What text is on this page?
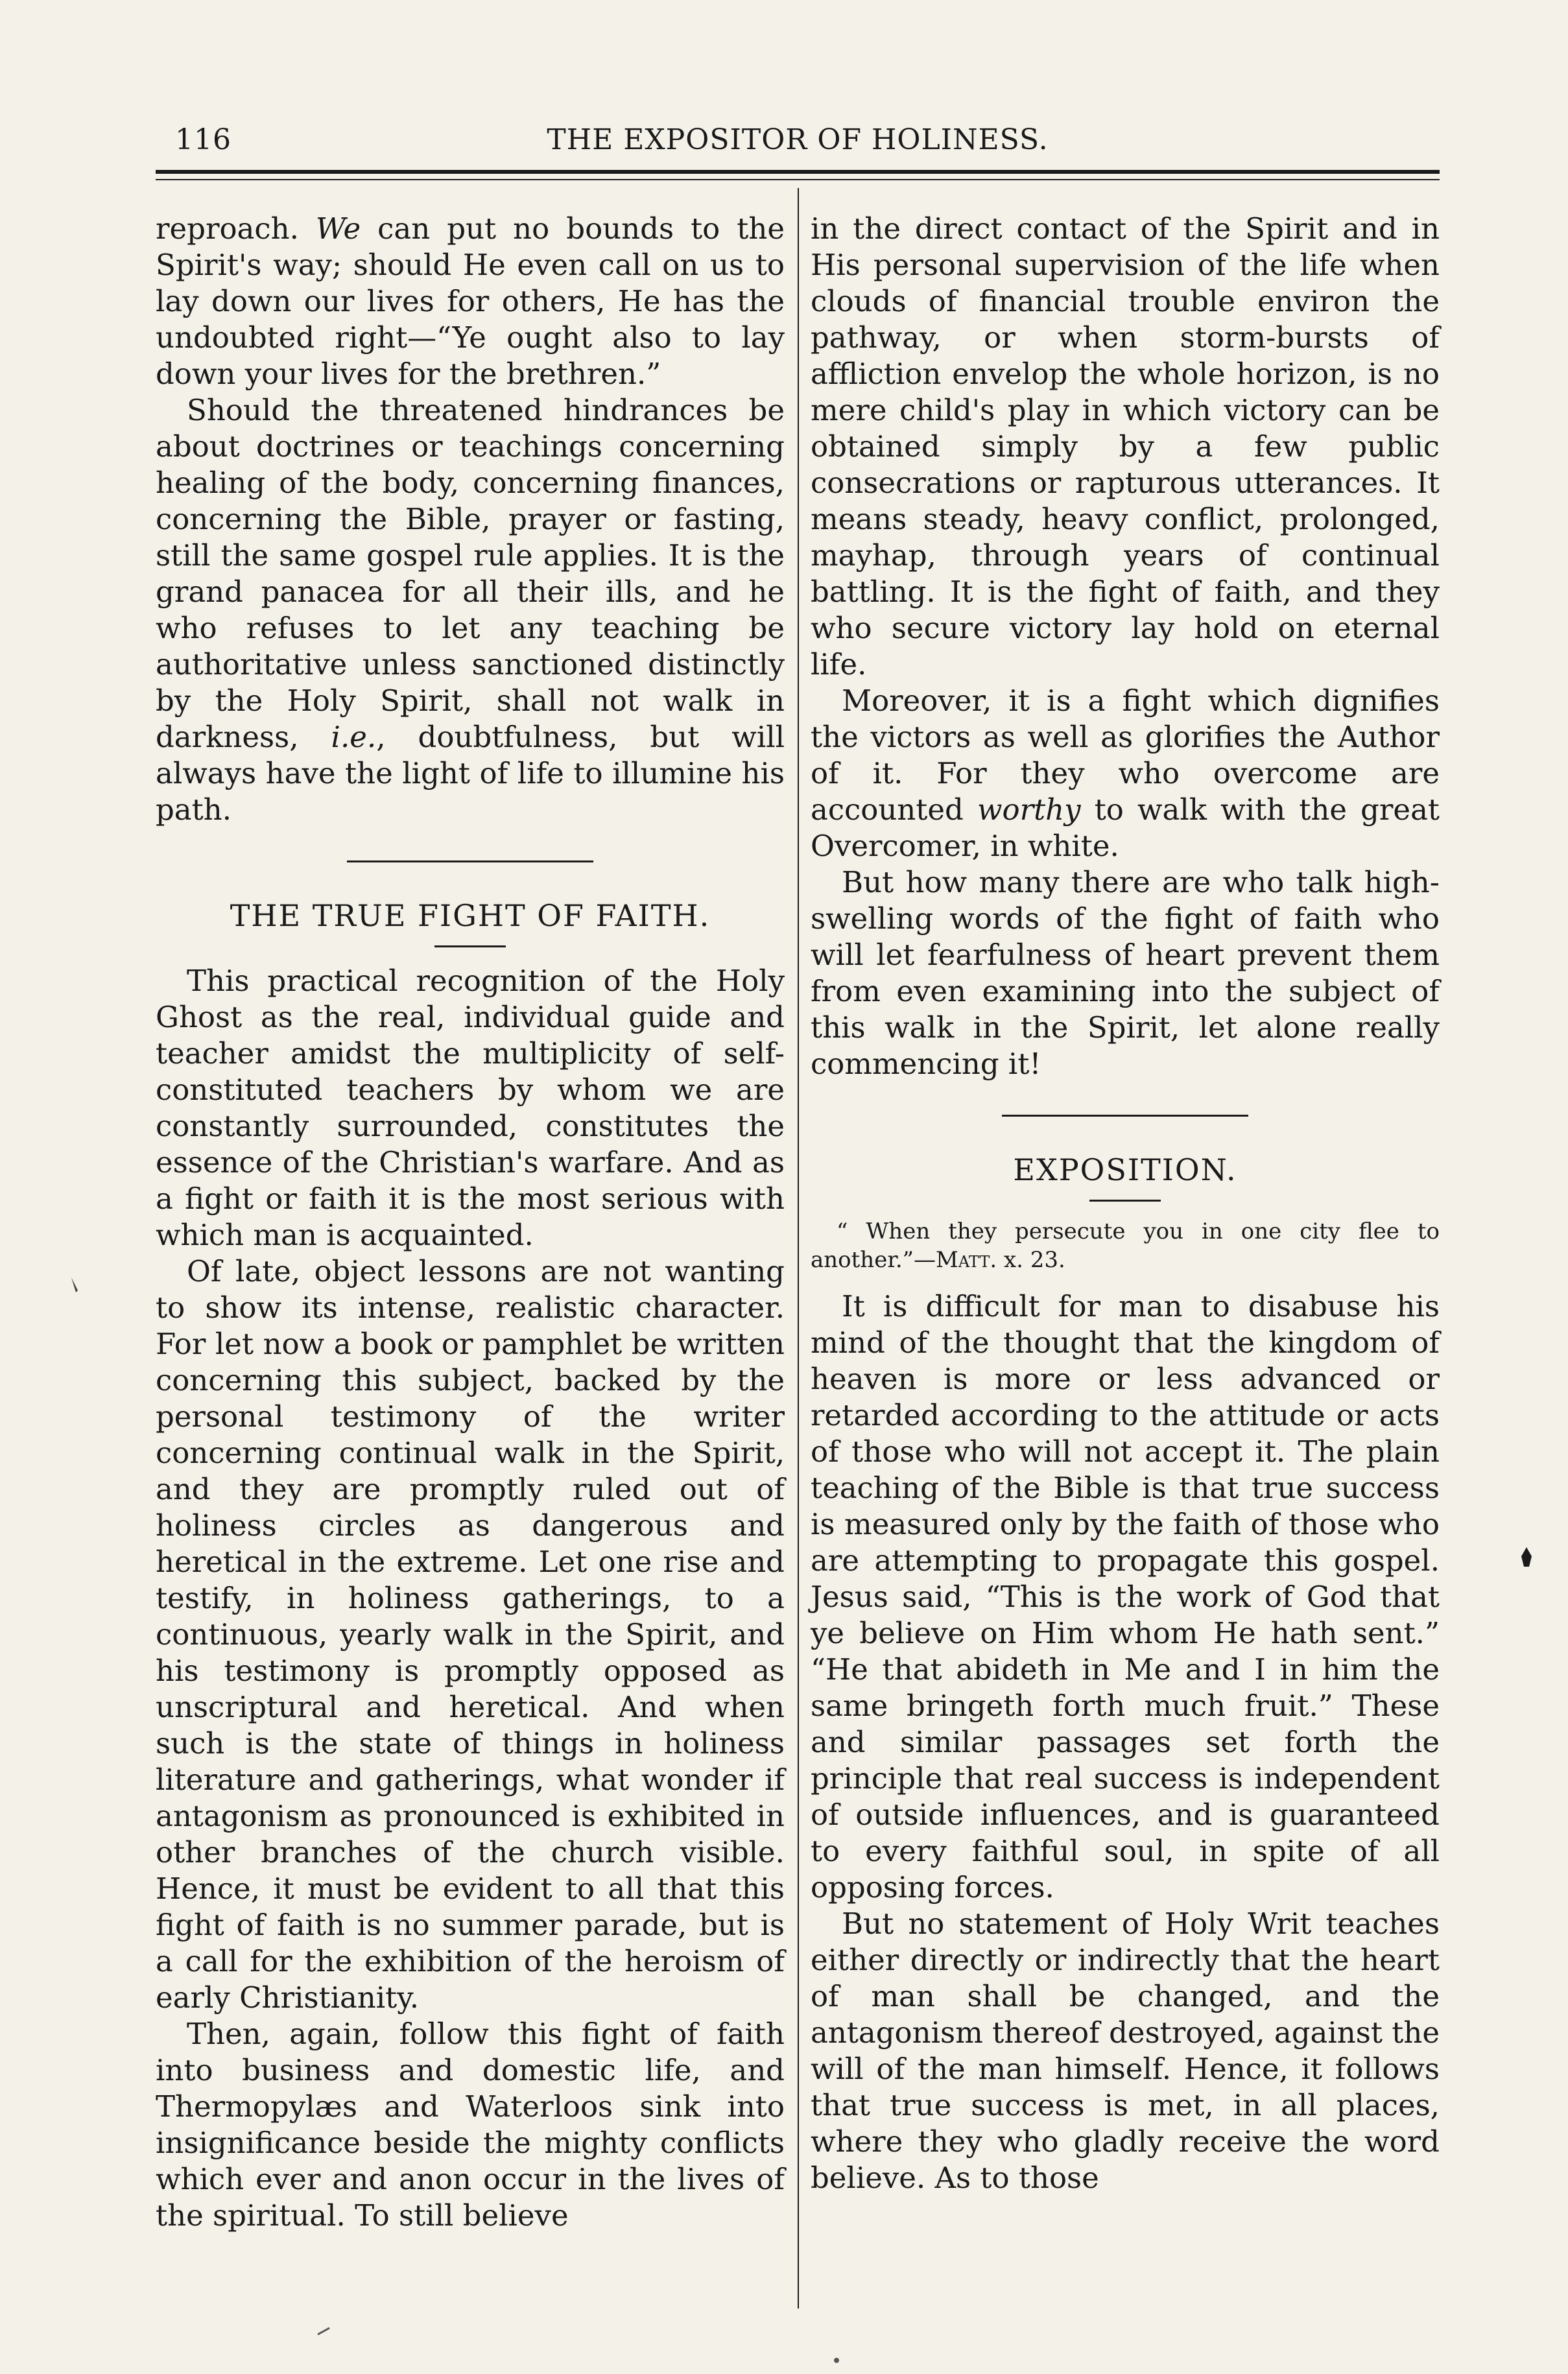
116	THE EXPOSITOR OF HOLINESS.

reproach. We can put no bounds to the Spirit's way; should He even call on us to lay down our lives for others, He has the undoubted right—“Ye ought also to lay down your lives for the brethren.”

Should the threatened hindrances be about doctrines or teachings concerning healing of the body, concerning finances, concerning the Bible, prayer or fasting, still the same gospel rule applies. It is the grand panacea for all their ills, and he who refuses to let any teaching be authoritative unless sanctioned distinctly by the Holy Spirit, shall not walk in darkness, i.e., doubtfulness, but will always have the light of life to illumine his path.

THE TRUE FIGHT OF FAITH.

This practical recognition of the Holy Ghost as the real, individual guide and teacher amidst the multiplicity of self-constituted teachers by whom we are constantly surrounded, constitutes the essence of the Christian's warfare. And as a fight or faith it is the most serious with which man is acquainted.

Of late, object lessons are not wanting to show its intense, realistic character. For let now a book or pamphlet be written concerning this subject, backed by the personal testimony of the writer concerning continual walk in the Spirit, and they are promptly ruled out of holiness circles as dangerous and heretical in the extreme. Let one rise and testify, in holiness gatherings, to a continuous, yearly walk in the Spirit, and his testimony is promptly opposed as unscriptural and heretical. And when such is the state of things in holiness literature and gatherings, what wonder if antagonism as pronounced is exhibited in other branches of the church visible. Hence, it must be evident to all that this fight of faith is no summer parade, but is a call for the exhibition of the heroism of early Christianity.

Then, again, follow this fight of faith into business and domestic life, and Thermopylæs and Waterloos sink into insignificance beside the mighty conflicts which ever and anon occur in the lives of the spiritual. To still believe

in the direct contact of the Spirit and in His personal supervision of the life when clouds of financial trouble environ the pathway, or when storm-bursts of affliction envelop the whole horizon, is no mere child's play in which victory can be obtained simply by a few public consecrations or rapturous utterances. It means steady, heavy conflict, prolonged, mayhap, through years of continual battling. It is the fight of faith, and they who secure victory lay hold on eternal life.

Moreover, it is a fight which dignifies the victors as well as glorifies the Author of it. For they who overcome are accounted worthy to walk with the great Overcomer, in white.

But how many there are who talk high-swelling words of the fight of faith who will let fearfulness of heart prevent them from even examining into the subject of this walk in the Spirit, let alone really commencing it!

EXPOSITION.

“ When they persecute you in one city flee to another.”—Matt. x. 23.

It is difficult for man to disabuse his mind of the thought that the kingdom of heaven is more or less advanced or retarded according to the attitude or acts of those who will not accept it. The plain teaching of the Bible is that true success is measured only by the faith of those who are attempting to propagate this gospel. Jesus said, “This is the work of God that ye believe on Him whom He hath sent.” “He that abideth in Me and I in him the same bringeth forth much fruit.” These and similar passages set forth the principle that real success is independent of outside influences, and is guaranteed to every faithful soul, in spite of all opposing forces.

But no statement of Holy Writ teaches either directly or indirectly that the heart of man shall be changed, and the antagonism thereof destroyed, against the will of the man himself. Hence, it follows that true success is met, in all places, where they who gladly receive the word believe. As to those
